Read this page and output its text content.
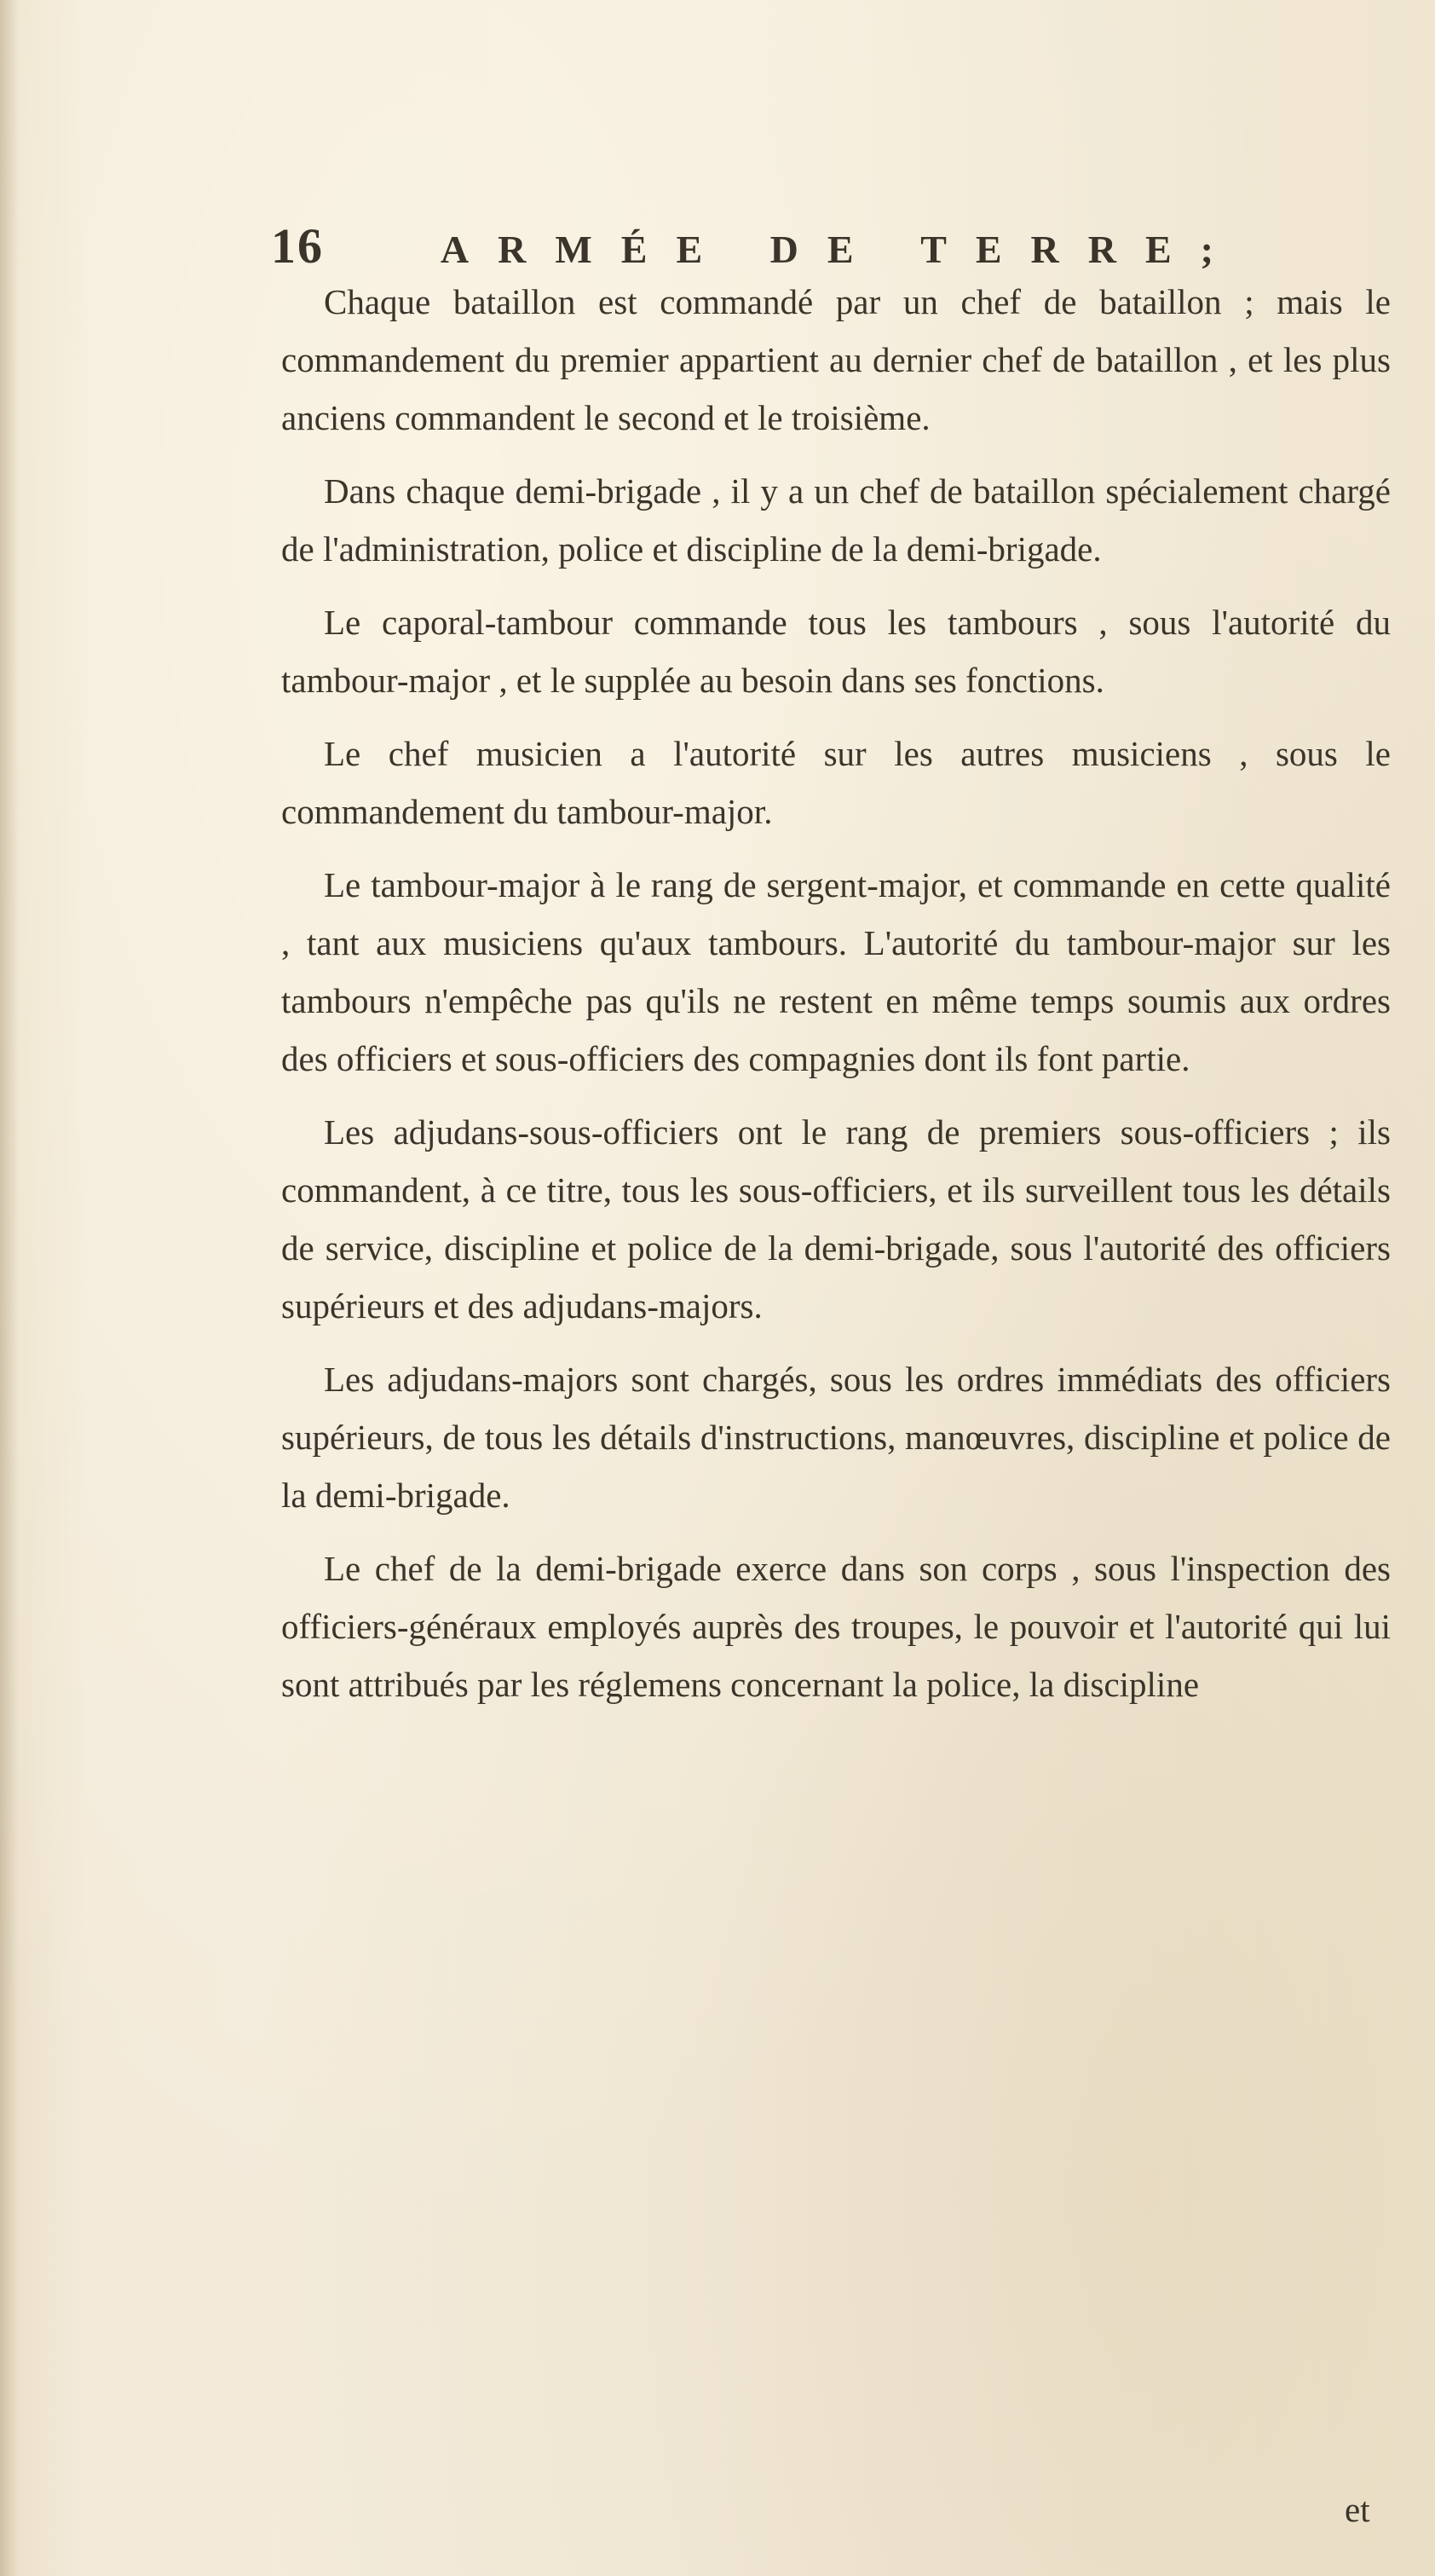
16	ARMÉE DE TERRE;

Chaque bataillon est commandé par un chef de bataillon ; mais le commandement du premier appartient au dernier chef de bataillon , et les plus anciens commandent le second et le troisième.

Dans chaque demi-brigade , il y a un chef de bataillon spécialement chargé de l'administration, police et discipline de la demi-brigade.

Le caporal-tambour commande tous les tambours , sous l'autorité du tambour-major , et le supplée au besoin dans ses fonctions.

Le chef musicien a l'autorité sur les autres musiciens , sous le commandement du tambour-major.

Le tambour-major à le rang de sergent-major, et commande en cette qualité , tant aux musiciens qu'aux tambours. L'autorité du tambour-major sur les tambours n'empêche pas qu'ils ne restent en même temps soumis aux ordres des officiers et sous-officiers des compagnies dont ils font partie.

Les adjudans-sous-officiers ont le rang de premiers sous-officiers ; ils commandent, à ce titre, tous les sous-officiers, et ils surveillent tous les détails de service, discipline et police de la demi-brigade, sous l'autorité des officiers supérieurs et des adjudans-majors.

Les adjudans-majors sont chargés, sous les ordres immédiats des officiers supérieurs, de tous les détails d'instructions, manœuvres, discipline et police de la demi-brigade.

Le chef de la demi-brigade exerce dans son corps , sous l'inspection des officiers-généraux employés auprès des troupes, le pouvoir et l'autorité qui lui sont attribués par les réglemens concernant la police, la discipline

et
